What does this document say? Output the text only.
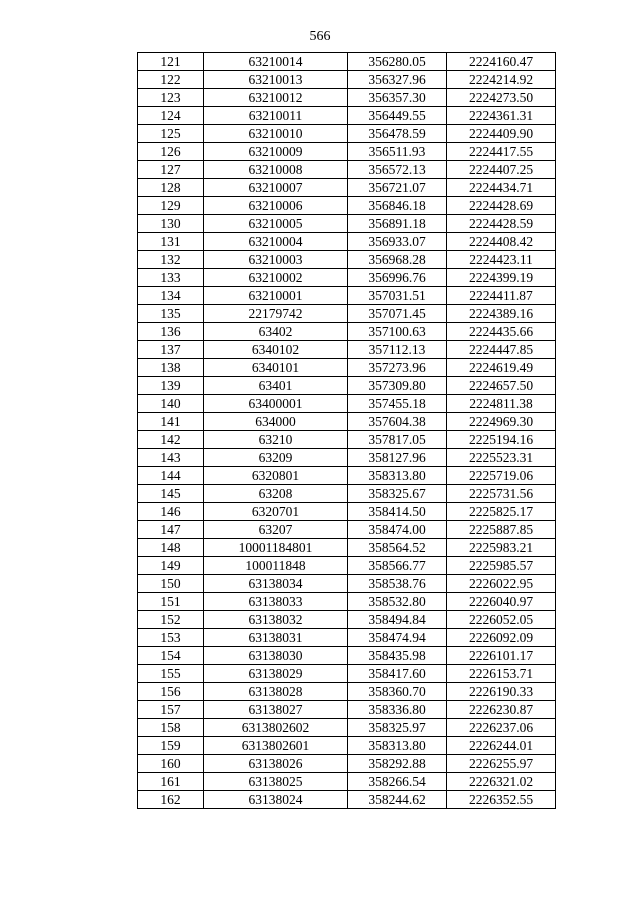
566
121	63210014	356280.05	2224160.47
122	63210013	356327.96	2224214.92
123	63210012	356357.30	2224273.50
124	63210011	356449.55	2224361.31
125	63210010	356478.59	2224409.90
126	63210009	356511.93	2224417.55
127	63210008	356572.13	2224407.25
128	63210007	356721.07	2224434.71
129	63210006	356846.18	2224428.69
130	63210005	356891.18	2224428.59
131	63210004	356933.07	2224408.42
132	63210003	356968.28	2224423.11
133	63210002	356996.76	2224399.19
134	63210001	357031.51	2224411.87
135	22179742	357071.45	2224389.16
136	63402	357100.63	2224435.66
137	6340102	357112.13	2224447.85
138	6340101	357273.96	2224619.49
139	63401	357309.80	2224657.50
140	63400001	357455.18	2224811.38
141	634000	357604.38	2224969.30
142	63210	357817.05	2225194.16
143	63209	358127.96	2225523.31
144	6320801	358313.80	2225719.06
145	63208	358325.67	2225731.56
146	6320701	358414.50	2225825.17
147	63207	358474.00	2225887.85
148	10001184801	358564.52	2225983.21
149	100011848	358566.77	2225985.57
150	63138034	358538.76	2226022.95
151	63138033	358532.80	2226040.97
152	63138032	358494.84	2226052.05
153	63138031	358474.94	2226092.09
154	63138030	358435.98	2226101.17
155	63138029	358417.60	2226153.71
156	63138028	358360.70	2226190.33
157	63138027	358336.80	2226230.87
158	6313802602	358325.97	2226237.06
159	6313802601	358313.80	2226244.01
160	63138026	358292.88	2226255.97
161	63138025	358266.54	2226321.02
162	63138024	358244.62	2226352.55
